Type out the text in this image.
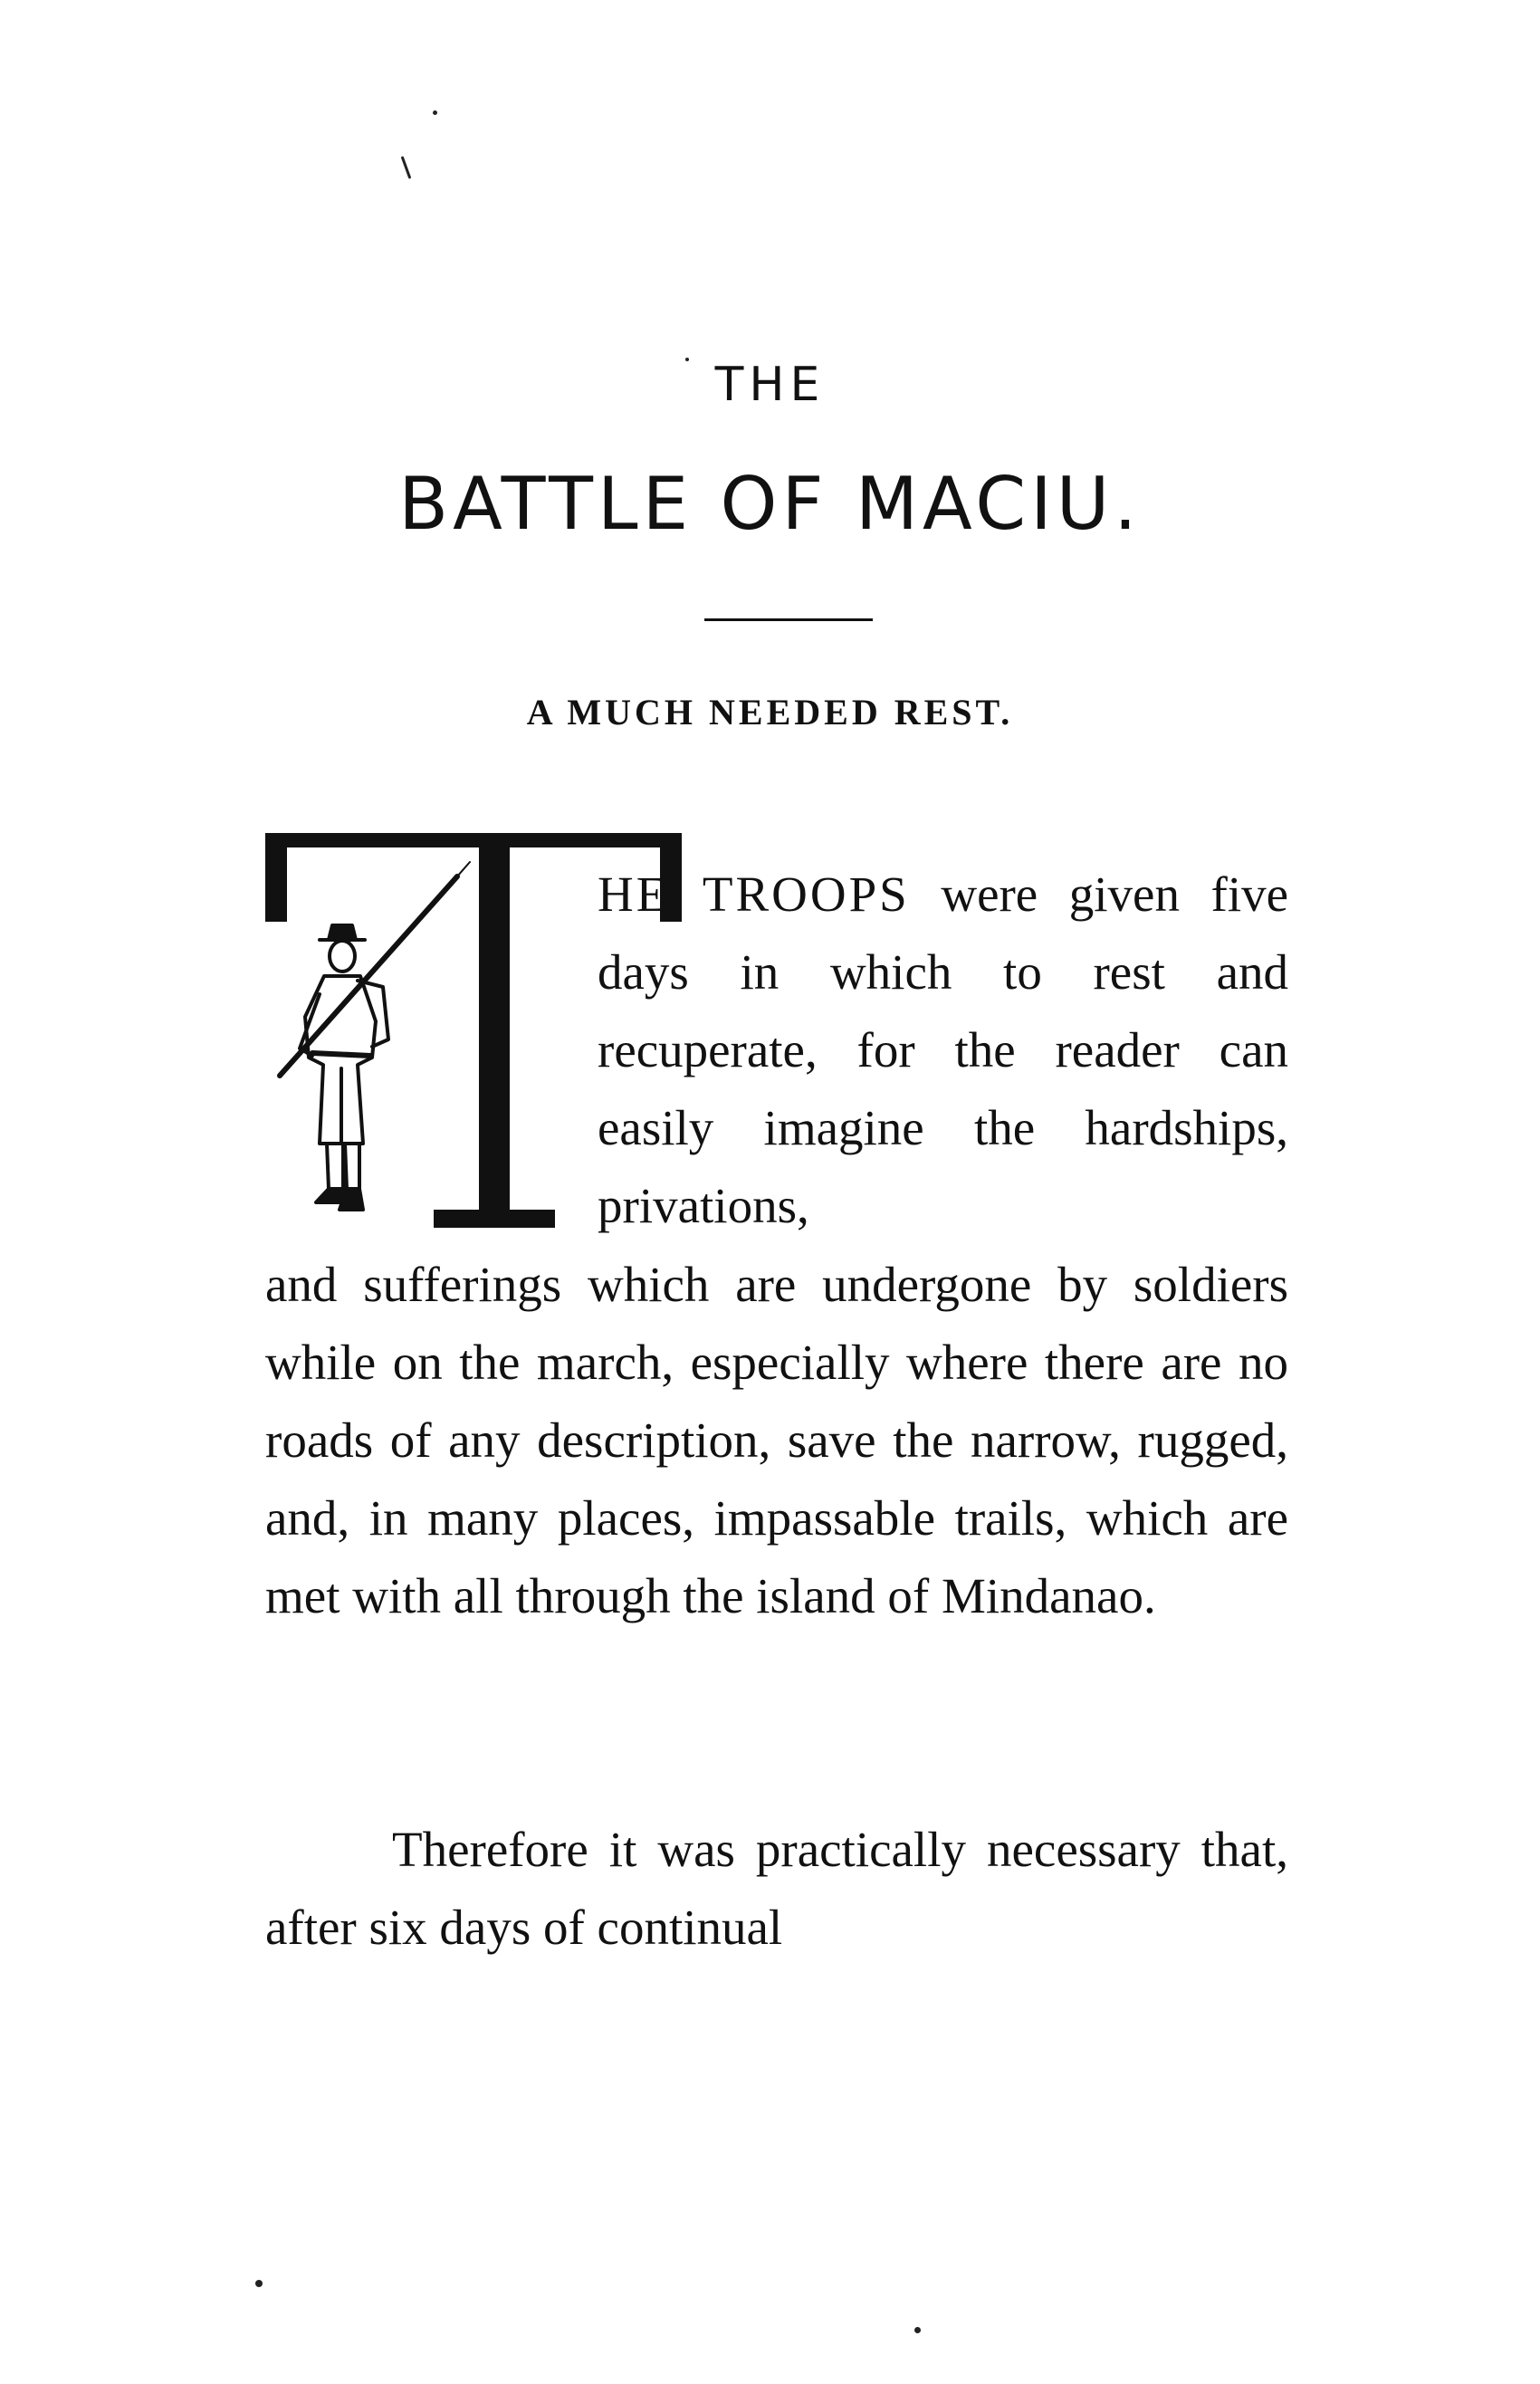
THE
BATTLE OF MACIU.
A MUCH NEEDED REST.

HE TROOPS were given five days in which to rest and recuperate, for the reader can easily imagine the hardships, privations,

and sufferings which are undergone by soldiers while on the march, especially where there are no roads of any description, save the narrow, rugged, and, in many places, impassable trails, which are met with all through the island of Mindanao.

Therefore it was practically necessary that, after six days of continual
